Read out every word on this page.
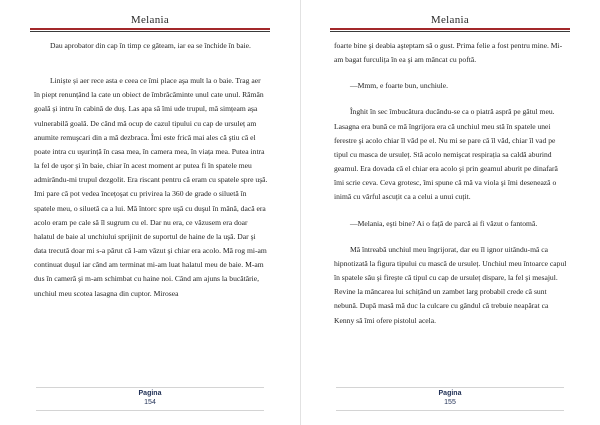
Melania

Dau aprobator din cap în timp ce gâteam, iar ea se închide în baie.

Liniște și aer rece asta e ceea ce îmi place aşa mult la o baie. Trag aer în piept renunțând la cate un obiect de îmbrăcăminte unul cate unul. Rămân goală şi intru în cabină de duş. Las apa să îmi ude trupul, mă simțeam aşa vulnerabilă goală. De când mă ocup de cazul tipului cu cap de ursuleț am anumite remuşcari din a mă dezbraca. Îmi este frică mai ales că ştiu că el poate intra cu uşurință în casa mea, în camera mea, în viața mea. Putea intra la fel de uşor şi în baie, chiar în acest moment ar putea fi în spatele meu admirându-mi trupul dezgolit. Era riscant pentru că eram cu spatele spre uşă. Imi pare că pot vedea încețoşat cu privirea la 360 de grade o siluetă în spatele meu, o siluetă ca a lui. Mă întorc spre uşă cu duşul în mână, dacă era acolo eram pe cale să îl sugrum cu el. Dar nu era, ce văzusem era doar halatul de baie al unchiului sprijinit de suportul de haine de la uşă. Dar şi data trecută doar mi s-a părut că l-am văzut şi chiar era acolo. Mă rog mi-am continuat duşul iar când am terminat mi-am luat halatul meu de baie. M-am dus în cameră şi m-am schimbat cu haine noi. Când am ajuns la bucătărie, unchiul meu scotea lasagna din cuptor. Mirosea

Pagina
154
Melania

foarte bine şi deabia aşteptam să o gust. Prima felie a fost pentru mine. Mi-am bagat furculița în ea şi am mâncat cu poftă.

—Mmm, e foarte bun, unchiule.

Înghit în sec îmbucătura ducându-se ca o piatră aspră pe gâtul meu. Lasagna era bună ce mă îngrijora era că unchiul meu stă în spatele unei ferestre şi acolo chiar îl văd pe el. Nu mi se pare că îl văd, chiar îl vad pe tipul cu masca de ursuleț. Stă acolo nemişcat respirația sa caldă aburind geamul. Era dovada că el chiar era acolo şi prin geamul aburit pe dinafară îmi scrie ceva. Ceva grotesc, îmi spune că mă va viola şi îmi desenează o inimă cu vârful ascuțit ca a celui a unui cuțit.

—Melania, eşti bine? Ai o față de parcă ai fi văzut o fantomă.

Mă întreabă unchiul meu îngrijorat, dar eu îl ignor uitându-mă ca hipnotizată la figura tipului cu mască de ursuleț. Unchiul meu întoarce capul în spatele său şi fireşte că tipul cu cap de ursuleț dispare, la fel şi mesajul. Revine la mâncarea lui schițând un zambet larg probabil crede că sunt nebună. După masă mă duc la culcare cu gândul că trebuie neapărat ca Kenny să îmi ofere pistolul acela.

Pagina
155
